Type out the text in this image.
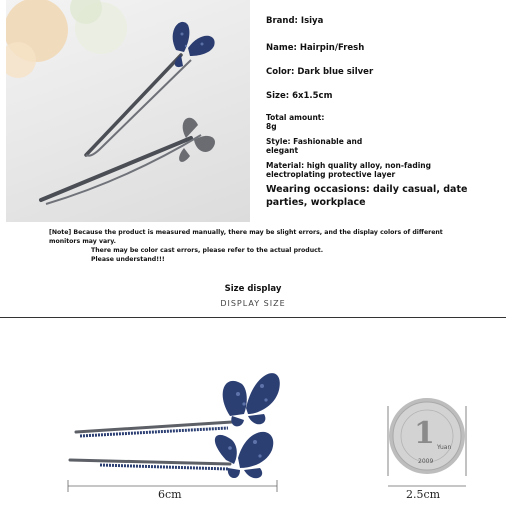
Brand: Isiya
Name: Hairpin/Fresh
Color: Dark blue silver
Size: 6x1.5cm
Total amount:
8g
Style: Fashionable and
elegant
Material: high quality alloy, non-fading
electroplating protective layer
Wearing occasions: daily casual, date
parties, workplace
[Note] Because the product is measured manually, there may be slight errors, and the display colors of different monitors may vary.
There may be color cast errors, please refer to the actual product.
Please understand!!!
Size display
DISPLAY SIZE
1 Yuan
2009
6cm	2.5cm
